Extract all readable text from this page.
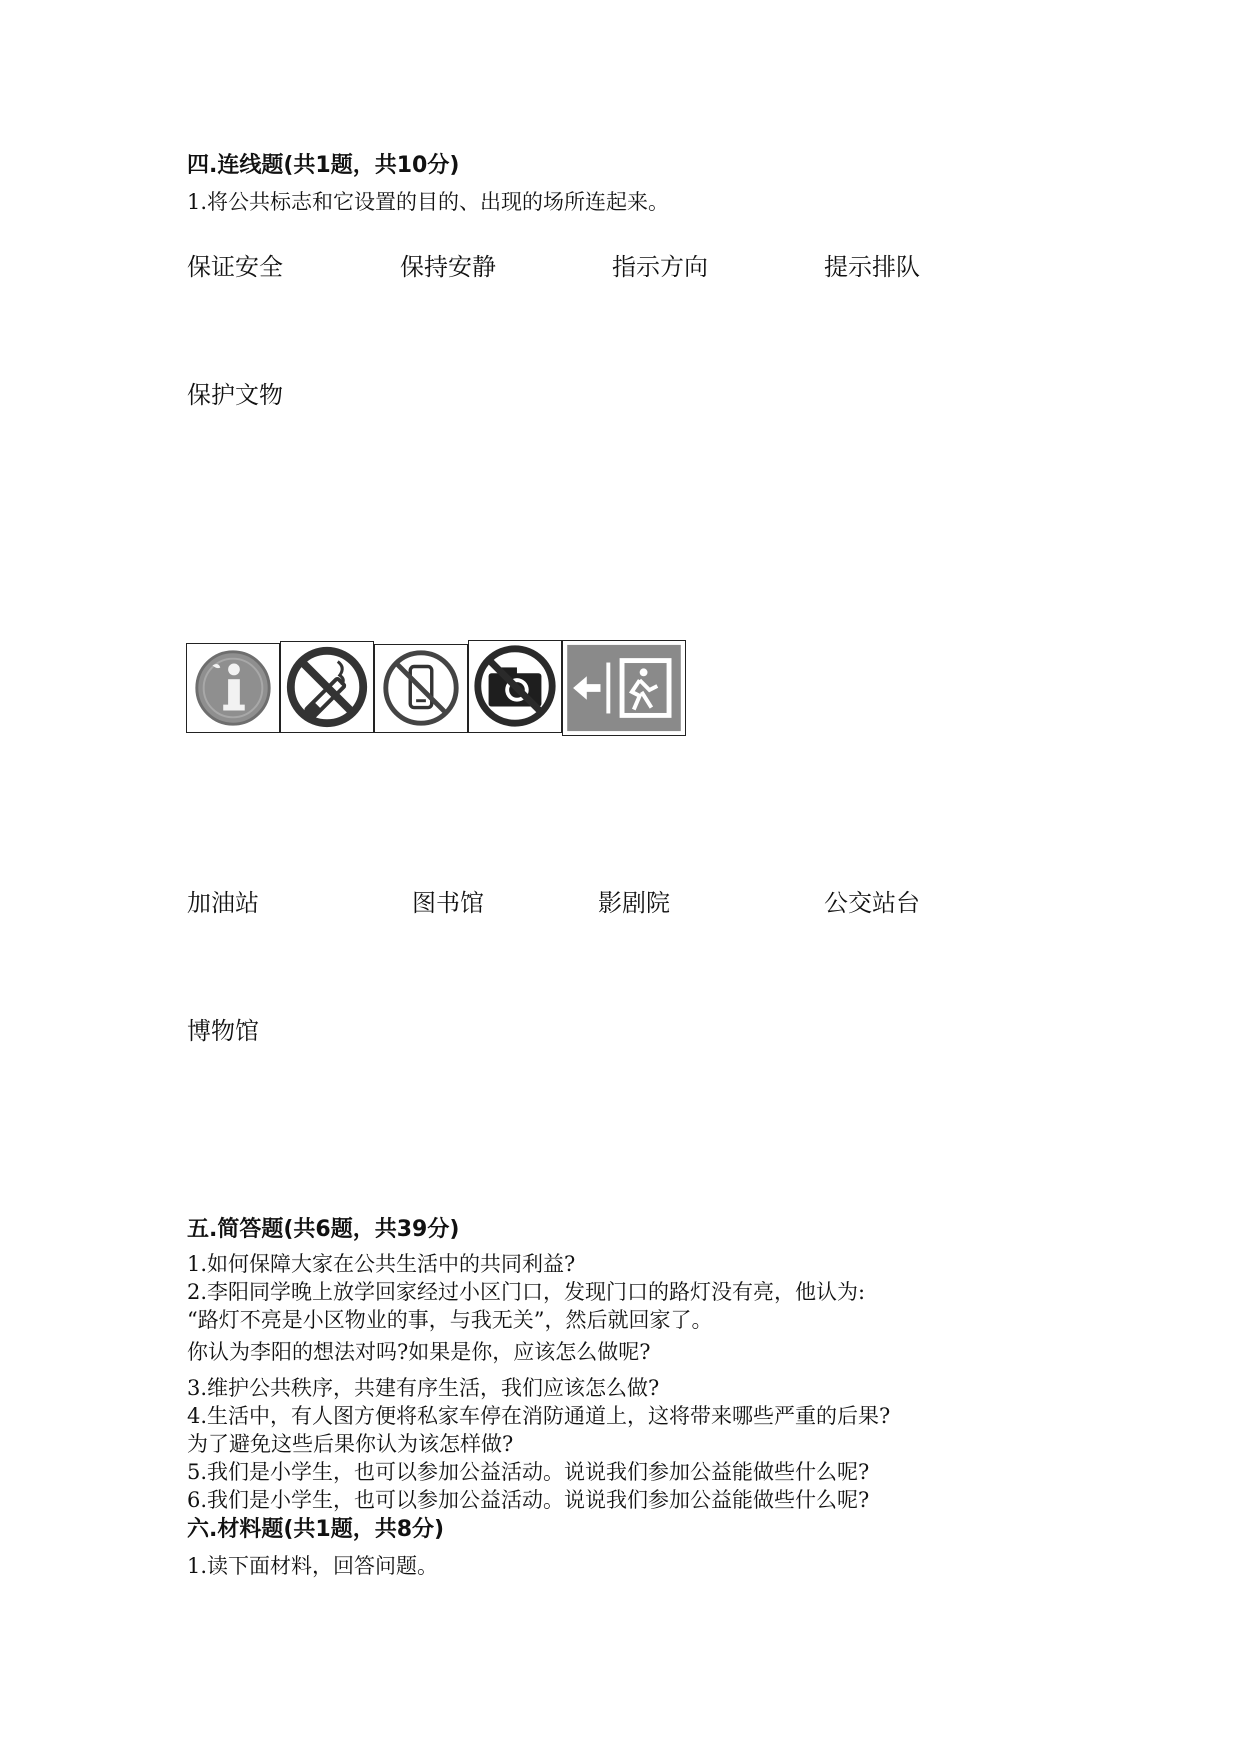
四.连线题(共1题，共10分)
1.将公共标志和它设置的目的、出现的场所连起来。
保证安全	保持安静	指示方向	提示排队
保护文物
加油站	图书馆	影剧院	公交站台
博物馆
五.简答题(共6题，共39分)
1.如何保障大家在公共生活中的共同利益?
2.李阳同学晚上放学回家经过小区门口，发现门口的路灯没有亮，他认为:
“路灯不亮是小区物业的事，与我无关”，然后就回家了。
你认为李阳的想法对吗?如果是你，应该怎么做呢?
3.维护公共秩序，共建有序生活，我们应该怎么做?
4.生活中，有人图方便将私家车停在消防通道上，这将带来哪些严重的后果?
为了避免这些后果你认为该怎样做?
5.我们是小学生，也可以参加公益活动。说说我们参加公益能做些什么呢?
6.我们是小学生，也可以参加公益活动。说说我们参加公益能做些什么呢?
六.材料题(共1题，共8分)
1.读下面材料，回答问题。
